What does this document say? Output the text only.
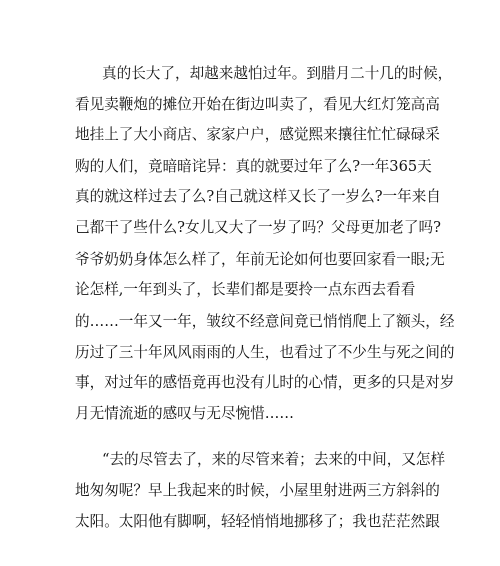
真的长大了，却越来越怕过年。到腊月二十几的时候，
看见卖鞭炮的摊位开始在街边叫卖了，看见大红灯笼高高
地挂上了大小商店、家家户户，感觉熙来攘往忙忙碌碌采
购的人们，竟暗暗诧异：真的就要过年了么?一年365天
真的就这样过去了么?自己就这样又长了一岁么?一年来自
己都干了些什么?女儿又大了一岁了吗？父母更加老了吗?
爷爷奶奶身体怎么样了，年前无论如何也要回家看一眼;无
论怎样,一年到头了，长辈们都是要拎一点东西去看看
的……一年又一年，皱纹不经意间竟已悄悄爬上了额头，经
历过了三十年风风雨雨的人生，也看过了不少生与死之间的
事，对过年的感悟竟再也没有儿时的心情，更多的只是对岁
月无情流逝的感叹与无尽惋惜……
“去的尽管去了，来的尽管来着；去来的中间，又怎样
地匆匆呢？早上我起来的时候，小屋里射进两三方斜斜的
太阳。太阳他有脚啊，轻轻悄悄地挪移了；我也茫茫然跟
